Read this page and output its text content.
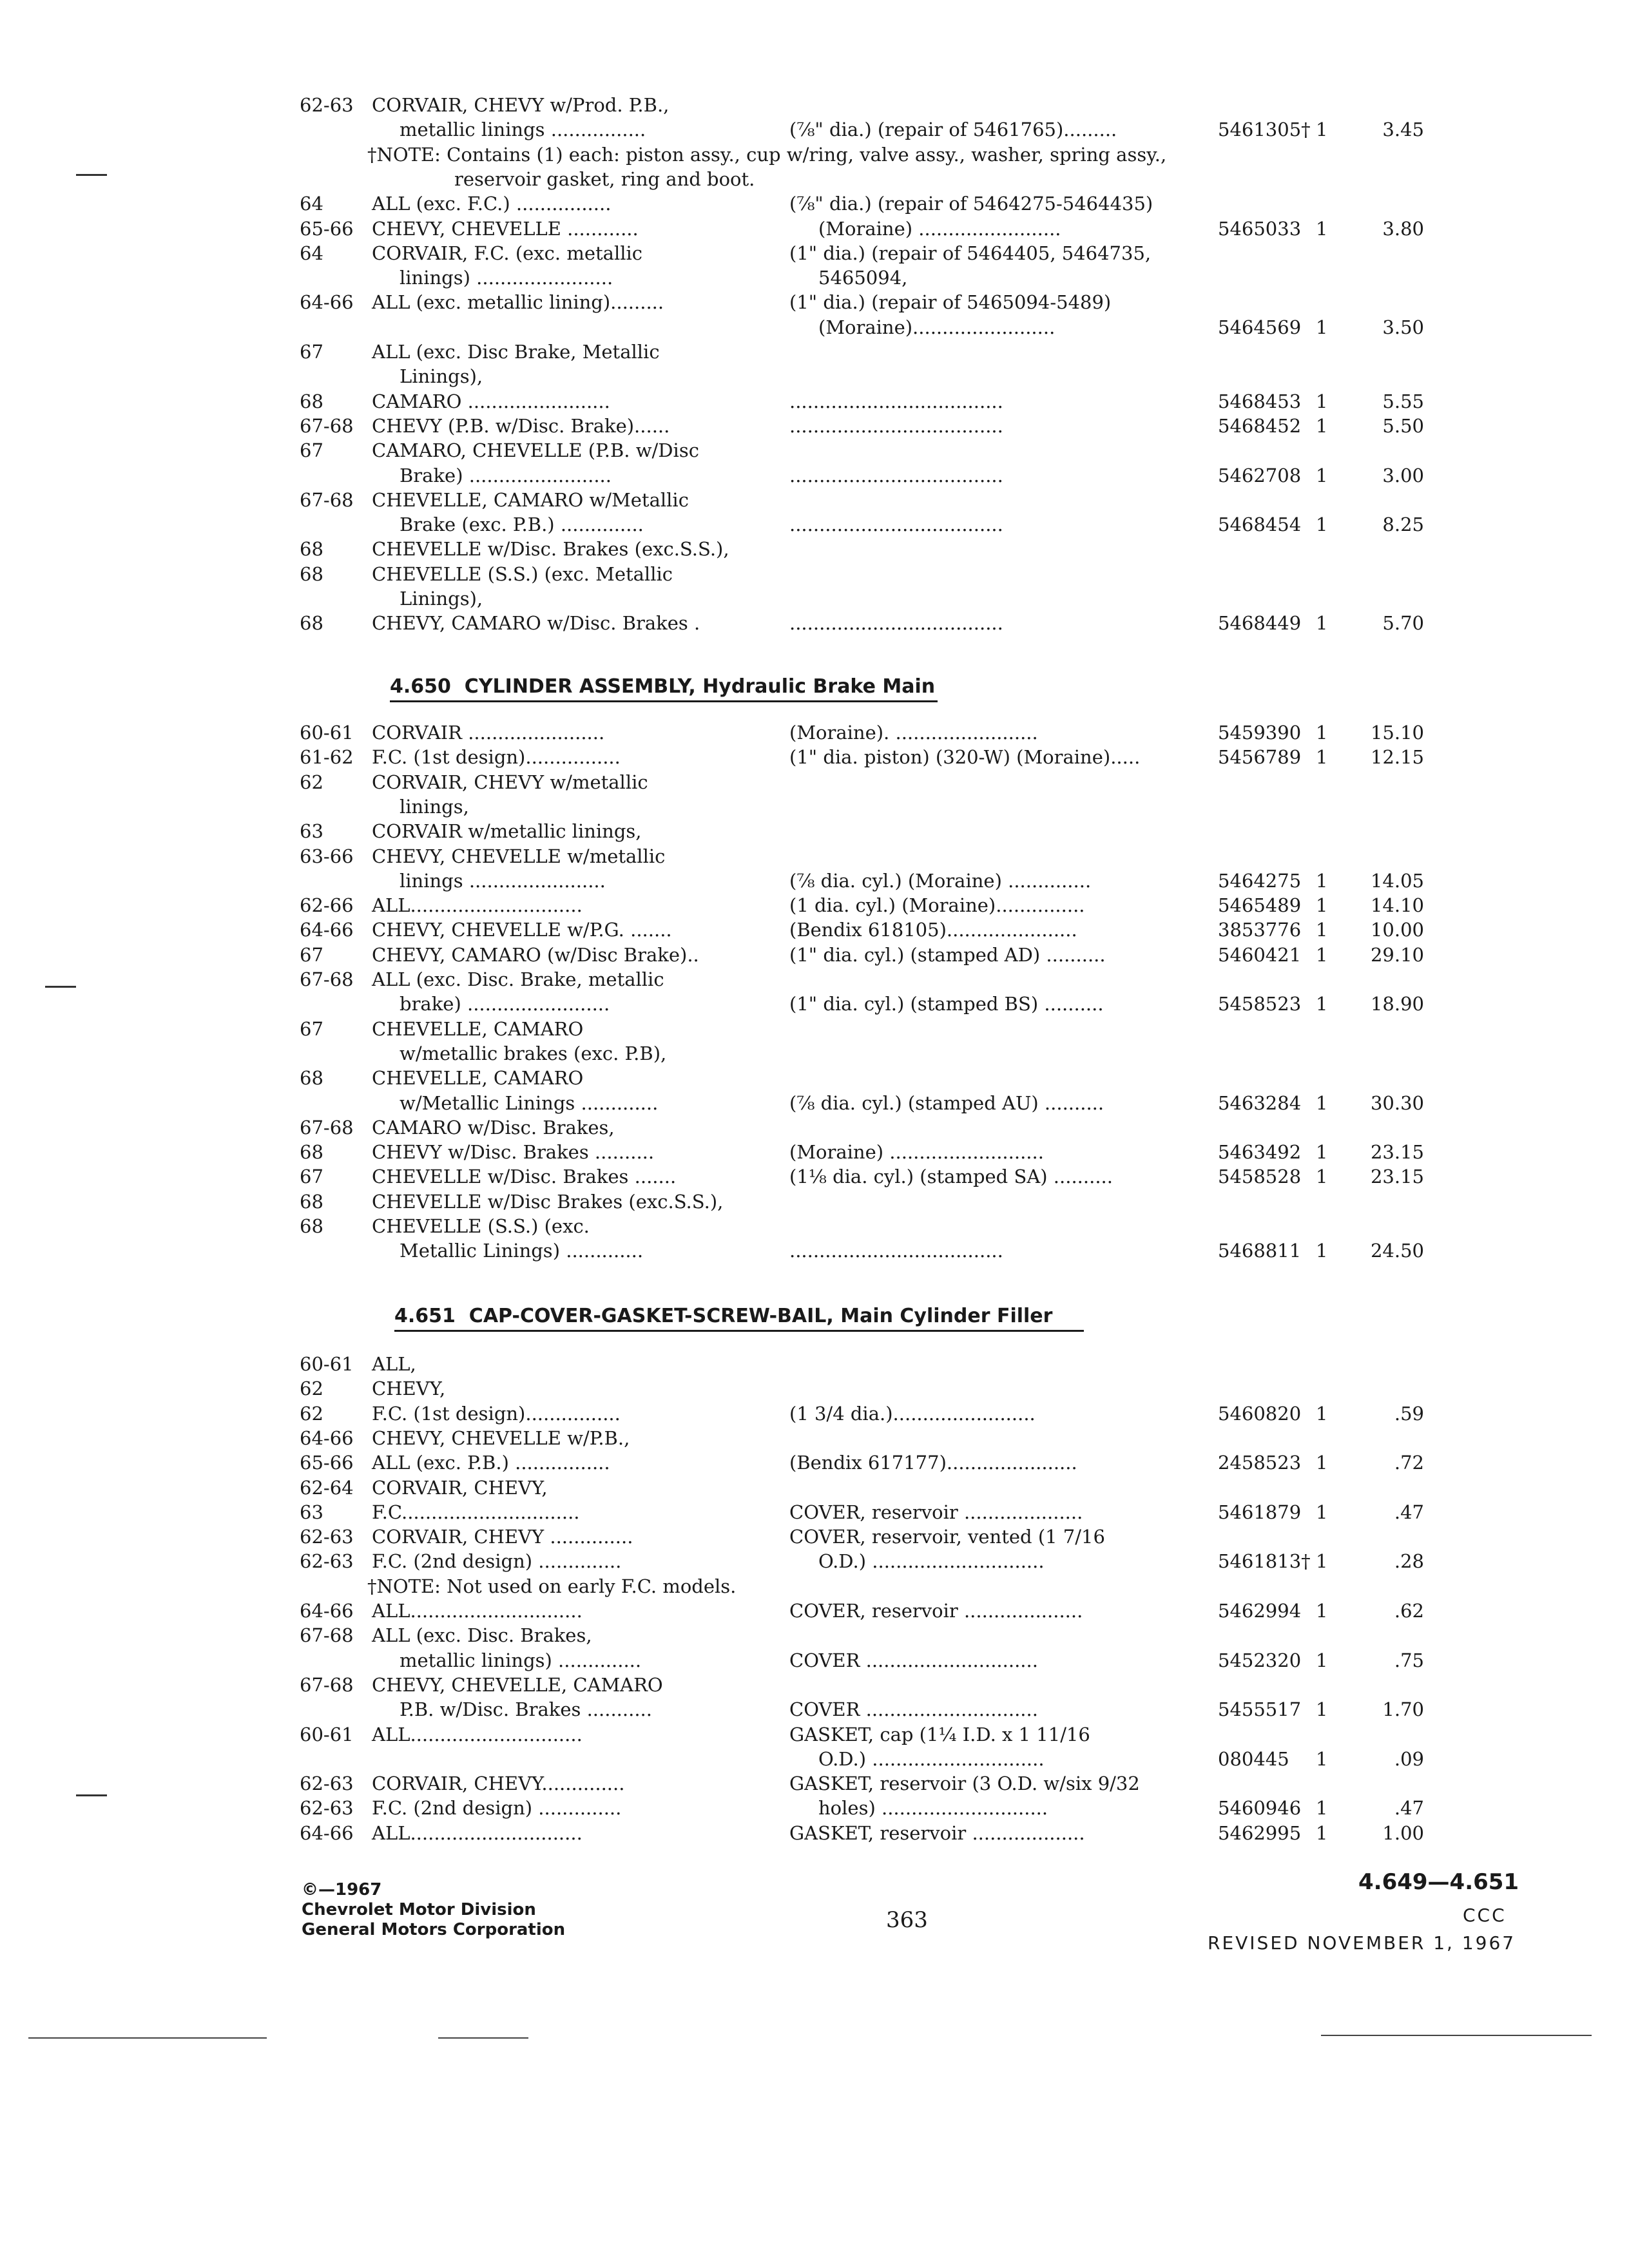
62-63 CORVAIR, CHEVY w/Prod. P.B.,
metallic linings ................	(⅞" dia.) (repair of 5461765).........	5461305† 1	3.45
†NOTE: Contains (1) each: piston assy., cup w/ring, valve assy., washer, spring assy.,
reservoir gasket, ring and boot.
64	ALL (exc. F.C.) ................	(⅞" dia.) (repair of 5464275-5464435)
65-66 CHEVY, CHEVELLE ............	(Moraine) ........................	5465033 1	3.80
64	CORVAIR, F.C. (exc. metallic	(1" dia.) (repair of 5464405, 5464735,
linings) .......................	5465094,
64-66 ALL (exc. metallic lining).........	(1" dia.) (repair of 5465094-5489)
(Moraine)........................	5464569 1	3.50
67	ALL (exc. Disc Brake, Metallic
Linings),
68	CAMARO ........................	....................................	5468453 1	5.55
67-68 CHEVY (P.B. w/Disc. Brake)......	....................................	5468452 1	5.50
67	CAMARO, CHEVELLE (P.B. w/Disc
Brake) ........................	....................................	5462708 1	3.00
67-68 CHEVELLE, CAMARO w/Metallic
Brake (exc. P.B.) ..............	....................................	5468454 1	8.25
68	CHEVELLE w/Disc. Brakes (exc.S.S.),
68	CHEVELLE (S.S.) (exc. Metallic
Linings),
68	CHEVY, CAMARO w/Disc. Brakes .	....................................	5468449 1	5.70
60-61 CORVAIR .......................	(Moraine). ........................	5459390 1	15.10
61-62 F.C. (1st design)................	(1" dia. piston) (320-W) (Moraine).....	5456789 1	12.15
62	CORVAIR, CHEVY w/metallic
linings,
63	CORVAIR w/metallic linings,
63-66 CHEVY, CHEVELLE w/metallic
linings .......................	(⅞ dia. cyl.) (Moraine) ..............	5464275 1	14.05
62-66 ALL.............................	(1 dia. cyl.) (Moraine)...............	5465489 1	14.10
64-66 CHEVY, CHEVELLE w/P.G. .......	(Bendix 618105)......................	3853776 1	10.00
67	CHEVY, CAMARO (w/Disc Brake)..	(1" dia. cyl.) (stamped AD) ..........	5460421 1	29.10
67-68 ALL (exc. Disc. Brake, metallic
brake) ........................	(1" dia. cyl.) (stamped BS) ..........	5458523 1	18.90
67	CHEVELLE, CAMARO
w/metallic brakes (exc. P.B),
68	CHEVELLE, CAMARO
w/Metallic Linings .............	(⅞ dia. cyl.) (stamped AU) ..........	5463284 1	30.30
67-68 CAMARO w/Disc. Brakes,
68	CHEVY w/Disc. Brakes ..........	(Moraine) ..........................	5463492 1	23.15
67	CHEVELLE w/Disc. Brakes .......	(1⅛ dia. cyl.) (stamped SA) ..........	5458528 1	23.15
68	CHEVELLE w/Disc Brakes (exc.S.S.),
68	CHEVELLE (S.S.) (exc.
Metallic Linings) .............	....................................	5468811 1	24.50
60-61 ALL,
62	CHEVY,
62	F.C. (1st design)................	(1 3/4 dia.)........................	5460820 1	.59
64-66 CHEVY, CHEVELLE w/P.B.,
65-66 ALL (exc. P.B.) ................	(Bendix 617177)......................	2458523 1	.72
62-64 CORVAIR, CHEVY,
63	F.C..............................	COVER, reservoir ....................	5461879 1	.47
62-63 CORVAIR, CHEVY ..............	COVER, reservoir, vented (1 7/16
62-63 F.C. (2nd design) ..............	O.D.) .............................	5461813† 1	.28
†NOTE: Not used on early F.C. models.
64-66 ALL.............................	COVER, reservoir ....................	5462994 1	.62
67-68 ALL (exc. Disc. Brakes,
metallic linings) ..............	COVER .............................	5452320 1	.75
67-68 CHEVY, CHEVELLE, CAMARO
P.B. w/Disc. Brakes ...........	COVER .............................	5455517 1	1.70
60-61 ALL.............................	GASKET, cap (1¼ I.D. x 1 11/16
O.D.) .............................	080445 1	.09
62-63 CORVAIR, CHEVY..............	GASKET, reservoir (3 O.D. w/six 9/32
62-63 F.C. (2nd design) ..............	holes) ............................	5460946 1	.47
64-66 ALL.............................	GASKET, reservoir ...................	5462995 1	1.00
4.650 CYLINDER ASSEMBLY, Hydraulic Brake Main
4.651 CAP-COVER-GASKET-SCREW-BAIL, Main Cylinder Filler
©—1967
Chevrolet Motor Division
General Motors Corporation	363
4.649—4.651
CCC
REVISED NOVEMBER 1, 1967
